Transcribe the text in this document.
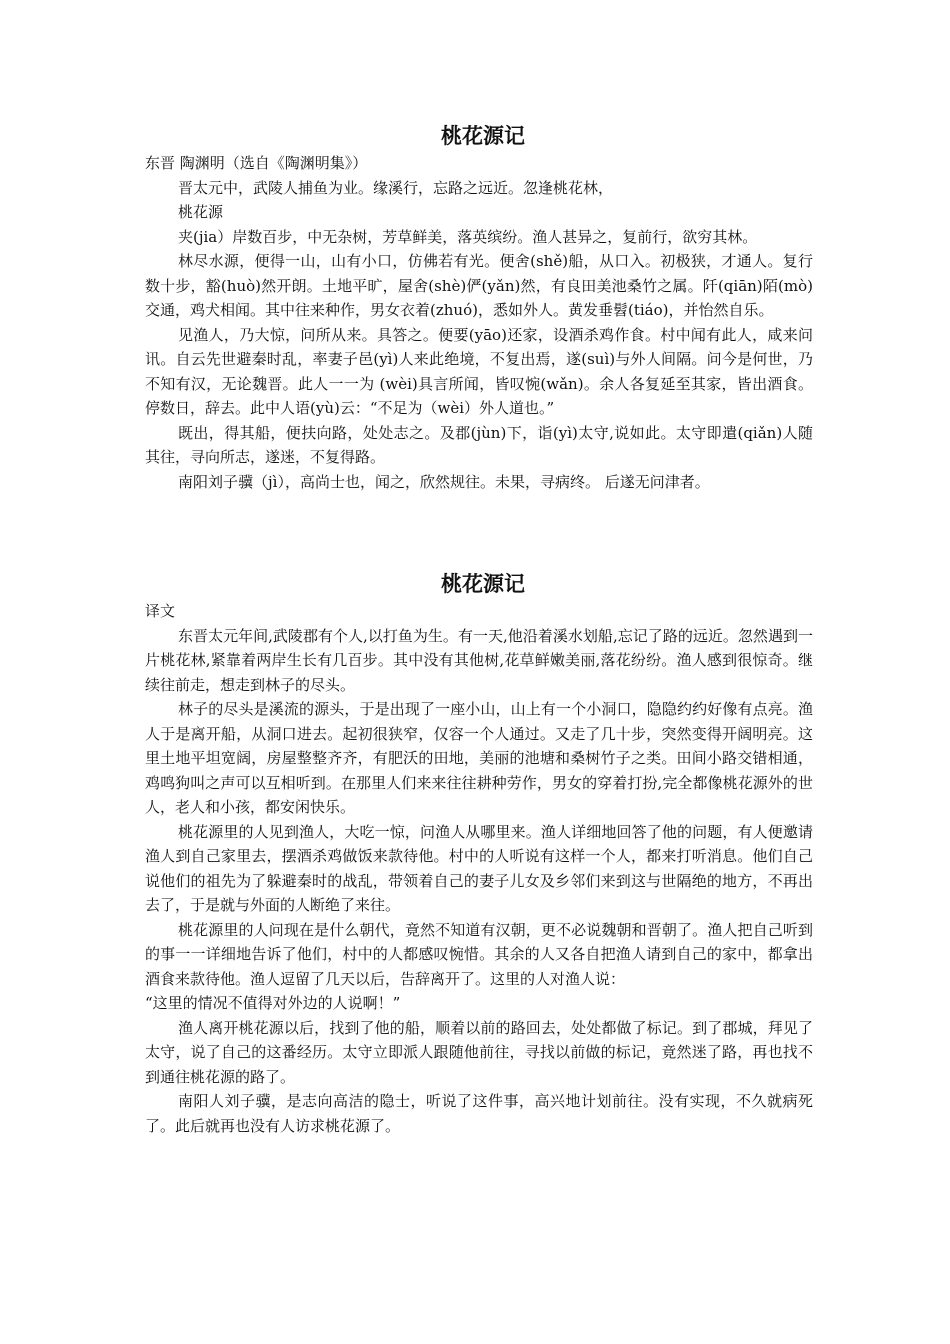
桃花源记

东晋 陶渊明（选自《陶渊明集》）

晋太元中，武陵人捕鱼为业。缘溪行，忘路之远近。忽逢桃花林，

桃花源

夹(jia）岸数百步，中无杂树，芳草鲜美，落英缤纷。渔人甚异之，复前行，欲穷其林。

林尽水源，便得一山，山有小口，仿佛若有光。便舍(shě)船，从口入。初极狭，才通人。复行数十步，豁(huò)然开朗。土地平旷，屋舍(shè)俨(yǎn)然，有良田美池桑竹之属。阡(qiān)陌(mò)交通，鸡犬相闻。其中往来种作，男女衣着(zhuó)，悉如外人。黄发垂髫(tiáo)，并怡然自乐。

见渔人，乃大惊，问所从来。具答之。便要(yāo)还家，设酒杀鸡作食。村中闻有此人，咸来问讯。自云先世避秦时乱，率妻子邑(yì)人来此绝境，不复出焉，遂(suì)与外人间隔。问今是何世，乃不知有汉，无论魏晋。此人一一为 (wèi)具言所闻，皆叹惋(wǎn)。余人各复延至其家，皆出酒食。停数日，辞去。此中人语(yù)云：“不足为（wèi）外人道也。”

既出，得其船，便扶向路，处处志之。及郡(jùn)下，诣(yì)太守,说如此。太守即遣(qiǎn)人随其往，寻向所志，遂迷，不复得路。

南阳刘子骥（jì），高尚士也，闻之，欣然规往。未果，寻病终。 后遂无问津者。

桃花源记

译文

东晋太元年间,武陵郡有个人,以打鱼为生。有一天,他沿着溪水划船,忘记了路的远近。忽然遇到一片桃花林,紧靠着两岸生长有几百步。其中没有其他树,花草鲜嫩美丽,落花纷纷。渔人感到很惊奇。继续往前走，想走到林子的尽头。

林子的尽头是溪流的源头，于是出现了一座小山，山上有一个小洞口，隐隐约约好像有点亮。渔人于是离开船，从洞口进去。起初很狭窄，仅容一个人通过。又走了几十步，突然变得开阔明亮。这里土地平坦宽阔，房屋整整齐齐，有肥沃的田地，美丽的池塘和桑树竹子之类。田间小路交错相通，鸡鸣狗叫之声可以互相听到。在那里人们来来往往耕种劳作，男女的穿着打扮,完全都像桃花源外的世人，老人和小孩，都安闲快乐。

桃花源里的人见到渔人，大吃一惊，问渔人从哪里来。渔人详细地回答了他的问题，有人便邀请渔人到自己家里去，摆酒杀鸡做饭来款待他。村中的人听说有这样一个人，都来打听消息。他们自己说他们的祖先为了躲避秦时的战乱，带领着自己的妻子儿女及乡邻们来到这与世隔绝的地方，不再出去了，于是就与外面的人断绝了来往。

桃花源里的人问现在是什么朝代，竟然不知道有汉朝，更不必说魏朝和晋朝了。渔人把自己听到的事一一详细地告诉了他们，村中的人都感叹惋惜。其余的人又各自把渔人请到自己的家中，都拿出酒食来款待他。渔人逗留了几天以后，告辞离开了。这里的人对渔人说：

“这里的情况不值得对外边的人说啊！”

渔人离开桃花源以后，找到了他的船，顺着以前的路回去，处处都做了标记。到了郡城，拜见了太守，说了自己的这番经历。太守立即派人跟随他前往，寻找以前做的标记，竟然迷了路，再也找不到通往桃花源的路了。

南阳人刘子骥，是志向高洁的隐士，听说了这件事，高兴地计划前往。没有实现，不久就病死了。此后就再也没有人访求桃花源了。
